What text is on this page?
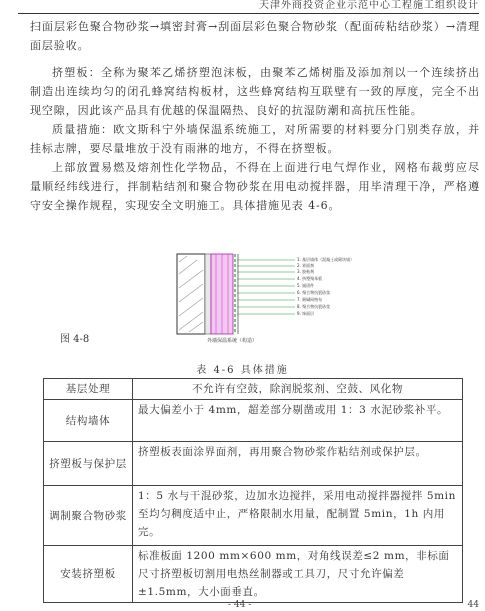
天津外商投资企业示范中心工程施工组织设计

扫面层彩色聚合物砂浆→填密封膏→刮面层彩色聚合物砂浆（配面砖粘结砂浆）→清理面层验收。

挤塑板：全称为聚苯乙烯挤塑泡沫板，由聚苯乙烯树脂及添加剂以一个连续挤出制造出连续均匀的闭孔蜂窝结构板材，这些蜂窝结构互联壁有一致的厚度，完全不出现空隙，因此该产品具有优越的保温隔热、良好的抗湿防潮和高抗压性能。

质量措施：欧文斯科宁外墙保温系统施工，对所需要的材料要分门别类存放，并挂标志牌，要尽量堆放于没有雨淋的地方，不得在挤塑板。

上部放置易燃及熔剂性化学物品，不得在上面进行电气焊作业，网格布裁剪应尽量顺经纬线进行，拌制粘结剂和聚合物砂浆在用电动搅拌器，用毕清理干净，严格遵守安全操作规程，实现安全文明施工。具体措施见表 4-6。

1. 基层墙体（混凝土或砌块墙）
2. 界面剂
3. 胶粘剂
4. 挤塑聚苯板
5. 锚固件
6. 聚合物抗裂砂浆
7. 耐碱网格布
8. 聚合物抗裂砂浆
9. 饰面层
外墙保温系统（构造）
图 4-8
表 4-6 具体措施
基层处理	不允许有空鼓，除润脱浆剂、空鼓、风化物
结构墙体	最大偏差小于 4mm，超差部分剔凿或用 1：3 水泥砂浆补平。
挤塑板与保护层	挤塑板表面涂界面剂，再用聚合物砂浆作粘结剂或保护层。
调制聚合物砂浆	1：5 水与干混砂浆，边加水边搅拌，采用电动搅拌器搅拌 5min 至均匀稠度适中止，严格限制水用量，配制置 5min，1h 内用完。
安装挤塑板	标准板面 1200 mm×600 mm，对角线误差≤2 mm，非标面尺寸挤塑板切割用电热丝制器或工具刀，尺寸允许偏差±1.5mm，大小面垂直。
- 44 -	44
